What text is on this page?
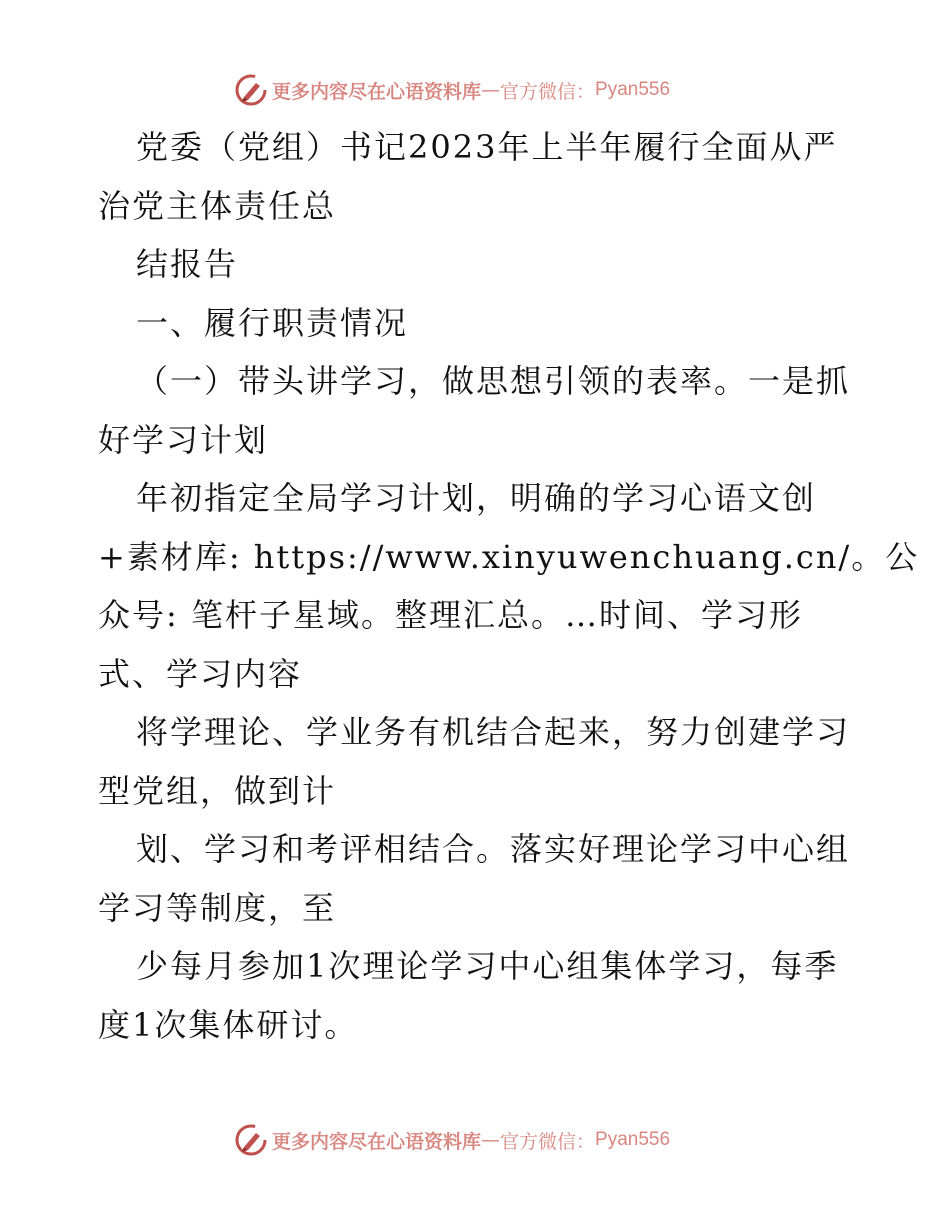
更多内容尽在心语资料库 — 官方微信： Pyan556
党委（党组）书记2023年上半年履行全面从严
治党主体责任总
结报告
一、履行职责情况
（一）带头讲学习，做思想引领的表率。一是抓
好学习计划
年初指定全局学习计划，明确的学习心语文创
+素材库: https://www.xinyuwenchuang.cn/。公
众号: 笔杆子星域。整理汇总。…时间、学习形
式、学习内容
将学理论、学业务有机结合起来，努力创建学习
型党组，做到计
划、学习和考评相结合。落实好理论学习中心组
学习等制度，至
少每月参加1次理论学习中心组集体学习，每季
度1次集体研讨。
更多内容尽在心语资料库 — 官方微信： Pyan556
